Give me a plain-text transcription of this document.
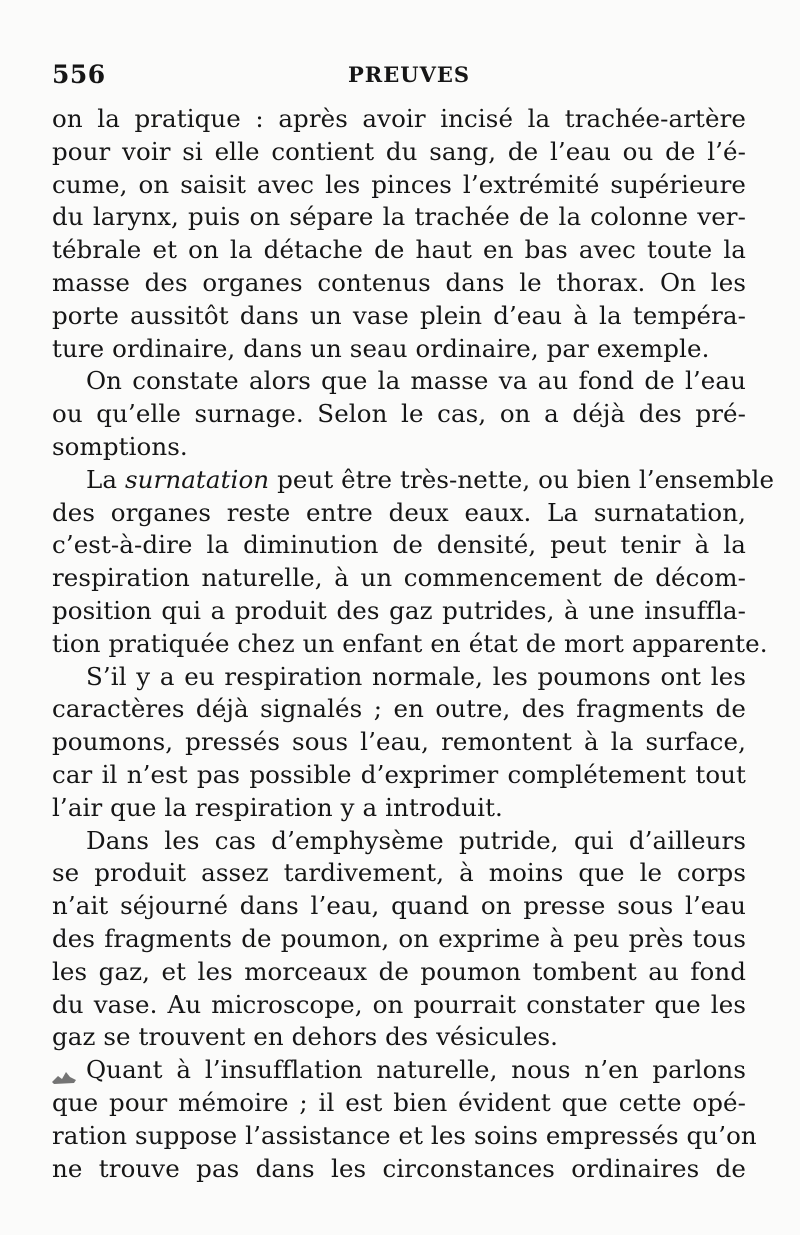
556	PREUVES
on la pratique : après avoir incisé la trachée-artère
pour voir si elle contient du sang, de l’eau ou de l’é-
cume, on saisit avec les pinces l’extrémité supérieure
du larynx, puis on sépare la trachée de la colonne ver-
tébrale et on la détache de haut en bas avec toute la
masse des organes contenus dans le thorax. On les
porte aussitôt dans un vase plein d’eau à la tempéra-
ture ordinaire, dans un seau ordinaire, par exemple.
On constate alors que la masse va au fond de l’eau
ou qu’elle surnage. Selon le cas, on a déjà des pré-
somptions.
La surnatation peut être très-nette, ou bien l’ensemble
des organes reste entre deux eaux. La surnatation,
c’est-à-dire la diminution de densité, peut tenir à la
respiration naturelle, à un commencement de décom-
position qui a produit des gaz putrides, à une insuffla-
tion pratiquée chez un enfant en état de mort apparente.
S’il y a eu respiration normale, les poumons ont les
caractères déjà signalés ; en outre, des fragments de
poumons, pressés sous l’eau, remontent à la surface,
car il n’est pas possible d’exprimer complétement tout
l’air que la respiration y a introduit.
Dans les cas d’emphysème putride, qui d’ailleurs
se produit assez tardivement, à moins que le corps
n’ait séjourné dans l’eau, quand on presse sous l’eau
des fragments de poumon, on exprime à peu près tous
les gaz, et les morceaux de poumon tombent au fond
du vase. Au microscope, on pourrait constater que les
gaz se trouvent en dehors des vésicules.
Quant à l’insufflation naturelle, nous n’en parlons
que pour mémoire ; il est bien évident que cette opé-
ration suppose l’assistance et les soins empressés qu’on
ne trouve pas dans les circonstances ordinaires de
